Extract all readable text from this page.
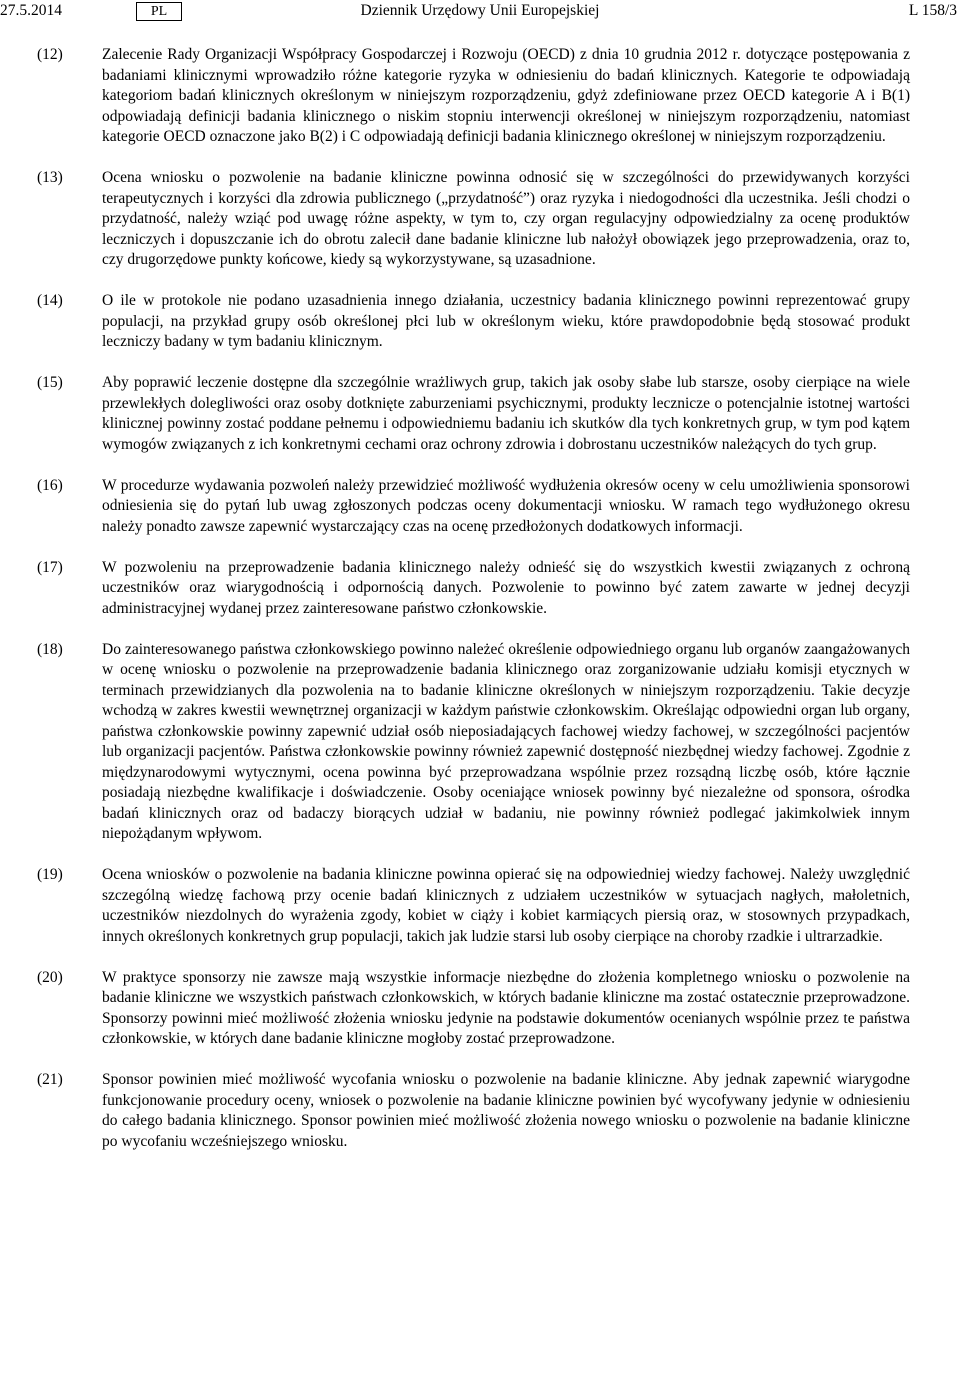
27.5.2014	PL	Dziennik Urzędowy Unii Europejskiej	L 158/3
(12)	Zalecenie Rady Organizacji Współpracy Gospodarczej i Rozwoju (OECD) z dnia 10 grudnia 2012 r. dotyczące postępowania z badaniami klinicznymi wprowadziło różne kategorie ryzyka w odniesieniu do badań klinicznych. Kategorie te odpowiadają kategoriom badań klinicznych określonym w niniejszym rozporządzeniu, gdyż zdefiniowane przez OECD kategorie A i B(1) odpowiadają definicji badania klinicznego o niskim stopniu interwencji określonej w niniejszym rozporządzeniu, natomiast kategorie OECD oznaczone jako B(2) i C odpowiadają definicji badania klinicznego określonej w niniejszym rozporządzeniu.
(13)	Ocena wniosku o pozwolenie na badanie kliniczne powinna odnosić się w szczególności do przewidywanych korzyści terapeutycznych i korzyści dla zdrowia publicznego („przydatność”) oraz ryzyka i niedogodności dla uczestnika. Jeśli chodzi o przydatność, należy wziąć pod uwagę różne aspekty, w tym to, czy organ regulacyjny odpowiedzialny za ocenę produktów leczniczych i dopuszczanie ich do obrotu zalecił dane badanie kliniczne lub nałożył obowiązek jego przeprowadzenia, oraz to, czy drugorzędowe punkty końcowe, kiedy są wykorzystywane, są uzasadnione.
(14)	O ile w protokole nie podano uzasadnienia innego działania, uczestnicy badania klinicznego powinni reprezentować grupy populacji, na przykład grupy osób określonej płci lub w określonym wieku, które prawdopodobnie będą stosować produkt leczniczy badany w tym badaniu klinicznym.
(15)	Aby poprawić leczenie dostępne dla szczególnie wrażliwych grup, takich jak osoby słabe lub starsze, osoby cierpiące na wiele przewlekłych dolegliwości oraz osoby dotknięte zaburzeniami psychicznymi, produkty lecznicze o potencjalnie istotnej wartości klinicznej powinny zostać poddane pełnemu i odpowiedniemu badaniu ich skutków dla tych konkretnych grup, w tym pod kątem wymogów związanych z ich konkretnymi cechami oraz ochrony zdrowia i dobrostanu uczestników należących do tych grup.
(16)	W procedurze wydawania pozwoleń należy przewidzieć możliwość wydłużenia okresów oceny w celu umożliwienia sponsorowi odniesienia się do pytań lub uwag zgłoszonych podczas oceny dokumentacji wniosku. W ramach tego wydłużonego okresu należy ponadto zawsze zapewnić wystarczający czas na ocenę przedłożonych dodatkowych informacji.
(17)	W pozwoleniu na przeprowadzenie badania klinicznego należy odnieść się do wszystkich kwestii związanych z ochroną uczestników oraz wiarygodnością i odpornością danych. Pozwolenie to powinno być zatem zawarte w jednej decyzji administracyjnej wydanej przez zainteresowane państwo członkowskie.
(18)	Do zainteresowanego państwa członkowskiego powinno należeć określenie odpowiedniego organu lub organów zaangażowanych w ocenę wniosku o pozwolenie na przeprowadzenie badania klinicznego oraz zorganizowanie udziału komisji etycznych w terminach przewidzianych dla pozwolenia na to badanie kliniczne określonych w niniejszym rozporządzeniu. Takie decyzje wchodzą w zakres kwestii wewnętrznej organizacji w każdym państwie członkowskim. Określając odpowiedni organ lub organy, państwa członkowskie powinny zapewnić udział osób nieposiadających fachowej wiedzy fachowej, w szczególności pacjentów lub organizacji pacjentów. Państwa członkowskie powinny również zapewnić dostępność niezbędnej wiedzy fachowej. Zgodnie z międzynarodowymi wytycznymi, ocena powinna być przeprowadzana wspólnie przez rozsądną liczbę osób, które łącznie posiadają niezbędne kwalifikacje i doświadczenie. Osoby oceniające wniosek powinny być niezależne od sponsora, ośrodka badań klinicznych oraz od badaczy biorących udział w badaniu, nie powinny również podlegać jakimkolwiek innym niepożądanym wpływom.
(19)	Ocena wniosków o pozwolenie na badania kliniczne powinna opierać się na odpowiedniej wiedzy fachowej. Należy uwzględnić szczególną wiedzę fachową przy ocenie badań klinicznych z udziałem uczestników w sytuacjach nagłych, małoletnich, uczestników niezdolnych do wyrażenia zgody, kobiet w ciąży i kobiet karmiących piersią oraz, w stosownych przypadkach, innych określonych konkretnych grup populacji, takich jak ludzie starsi lub osoby cierpiące na choroby rzadkie i ultrarzadkie.
(20)	W praktyce sponsorzy nie zawsze mają wszystkie informacje niezbędne do złożenia kompletnego wniosku o pozwolenie na badanie kliniczne we wszystkich państwach członkowskich, w których badanie kliniczne ma zostać ostatecznie przeprowadzone. Sponsorzy powinni mieć możliwość złożenia wniosku jedynie na podstawie dokumentów ocenianych wspólnie przez te państwa członkowskie, w których dane badanie kliniczne mogłoby zostać przeprowadzone.
(21)	Sponsor powinien mieć możliwość wycofania wniosku o pozwolenie na badanie kliniczne. Aby jednak zapewnić wiarygodne funkcjonowanie procedury oceny, wniosek o pozwolenie na badanie kliniczne powinien być wycofywany jedynie w odniesieniu do całego badania klinicznego. Sponsor powinien mieć możliwość złożenia nowego wniosku o pozwolenie na badanie kliniczne po wycofaniu wcześniejszego wniosku.
